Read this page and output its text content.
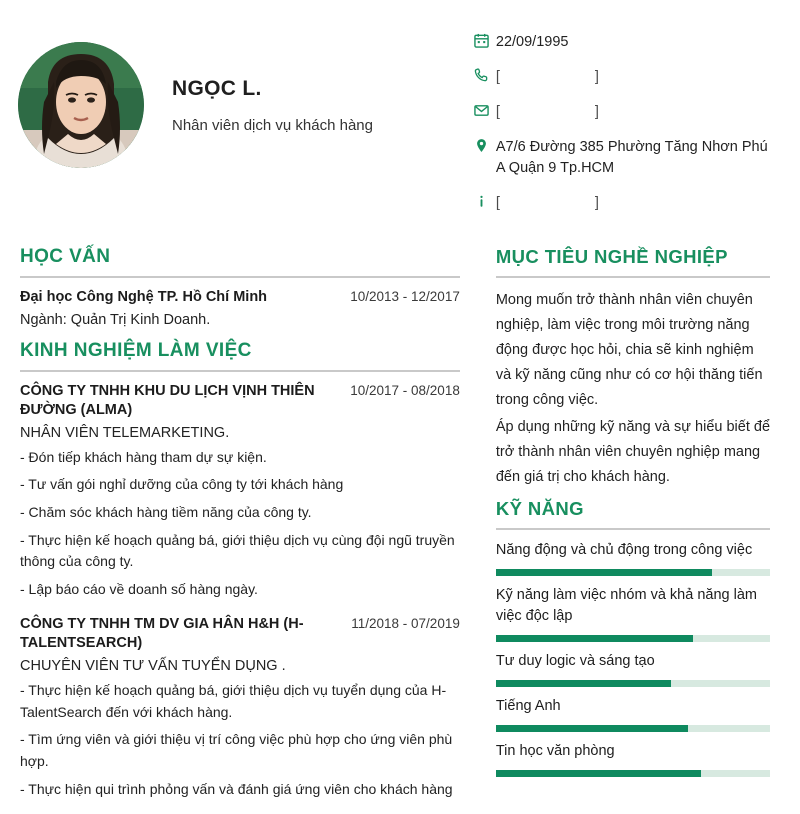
NGỌC L.
Nhân viên dịch vụ khách hàng
22/09/1995
[	]
[	]
A7/6 Đường 385 Phường Tăng Nhơn Phú A Quận 9 Tp.HCM
[	]
HỌC VẤN
Đại học Công Nghệ TP. Hồ Chí Minh	10/2013 - 12/2017
Ngành: Quản Trị Kinh Doanh.
KINH NGHIỆM LÀM VIỆC
CÔNG TY TNHH KHU DU LỊCH VỊNH THIÊN ĐƯỜNG (ALMA)
10/2017 - 08/2018
NHÂN VIÊN TELEMARKETING.

- Đón tiếp khách hàng tham dự sự kiện.

- Tư vấn gói nghỉ dưỡng của công ty tới khách hàng

- Chăm sóc khách hàng tiềm năng của công ty.

- Thực hiện kế hoạch quảng bá, giới thiệu dịch vụ cùng đội ngũ truyền thông của công ty.

- Lập báo cáo về doanh số hàng ngày.

CÔNG TY TNHH TM DV GIA HÂN H&H (H-TALENTSEARCH)
11/2018 - 07/2019
CHUYÊN VIÊN TƯ VẤN TUYỂN DỤNG .

- Thực hiện kế hoạch quảng bá, giới thiệu dịch vụ tuyển dụng của H-TalentSearch đến với khách hàng.

- Tìm ứng viên và giới thiệu vị trí công việc phù hợp cho ứng viên phù hợp.

- Thực hiện qui trình phỏng vấn và đánh giá ứng viên cho khách hàng

MỤC TIÊU NGHỀ NGHIỆP

Mong muốn trở thành nhân viên chuyên nghiệp, làm việc trong môi trường năng động được học hỏi, chia sẽ kinh nghiệm và kỹ năng cũng như có cơ hội thăng tiến trong công việc.

Áp dụng những kỹ năng và sự hiểu biết để trở thành nhân viên chuyên nghiệp mang đến giá trị cho khách hàng.

KỸ NĂNG
Năng động và chủ động trong công việc
Kỹ năng làm việc nhóm và khả năng làm việc độc lập
Tư duy logic và sáng tạo
Tiếng Anh
Tin học văn phòng
